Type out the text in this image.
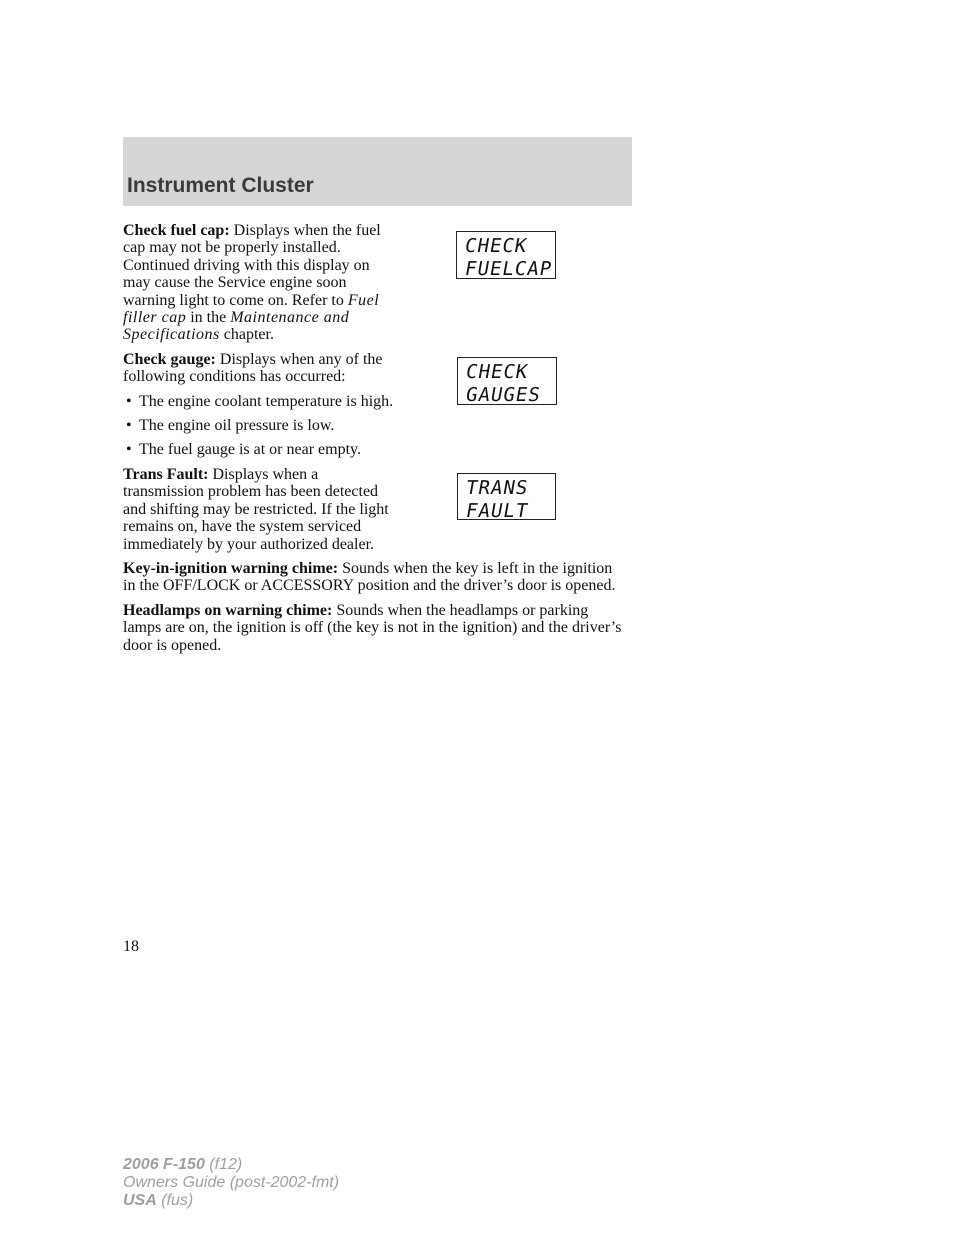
Instrument Cluster

Check fuel cap: Displays when the fuel cap may not be properly installed. Continued driving with this display on may cause the Service engine soon warning light to come on. Refer to Fuel filler cap in the Maintenance and Specifications chapter.

CHECK
FUELCAP

Check gauge: Displays when any of the following conditions has occurred:

• The engine coolant temperature is high.
• The engine oil pressure is low.
• The fuel gauge is at or near empty.
CHECK
GAUGES

Trans Fault: Displays when a transmission problem has been detected and shifting may be restricted. If the light remains on, have the system serviced immediately by your authorized dealer.

TRANS
FAULT

Key-in-ignition warning chime: Sounds when the key is left in the ignition in the OFF/LOCK or ACCESSORY position and the driver’s door is opened.

Headlamps on warning chime: Sounds when the headlamps or parking lamps are on, the ignition is off (the key is not in the ignition) and the driver’s door is opened.

18
2006 F-150 (f12)
Owners Guide (post-2002-fmt)
USA (fus)
